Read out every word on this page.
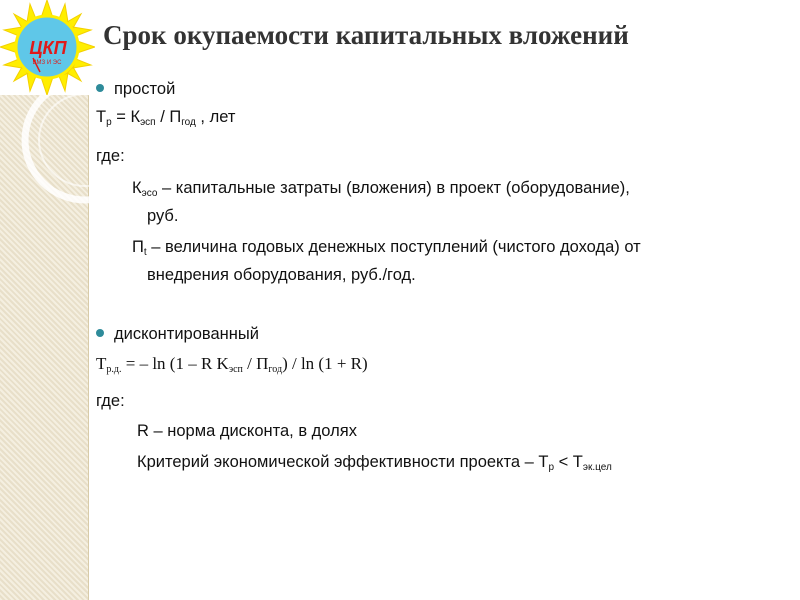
ЦКП
ВМЗ И ЭС
Срок окупаемости капитальных вложений
простой
$Т_р = К_{эсп} / П_{год}$ , лет
где:
$К_{эсо}$ – капитальные затраты (вложения) в проект (оборудование),
руб.
$П_t$ – величина годовых денежных поступлений (чистого дохода) от
внедрения оборудования, руб./год.
дисконтированный
$Т_{р.д.}$ = – ln (1 – R $K_{эсп} / П_{год}) / \ln (1 + R)$
где:
R – норма дисконта, в долях
Критерий экономической эффективности проекта – $Т_р < Т_{эк.цел}$
